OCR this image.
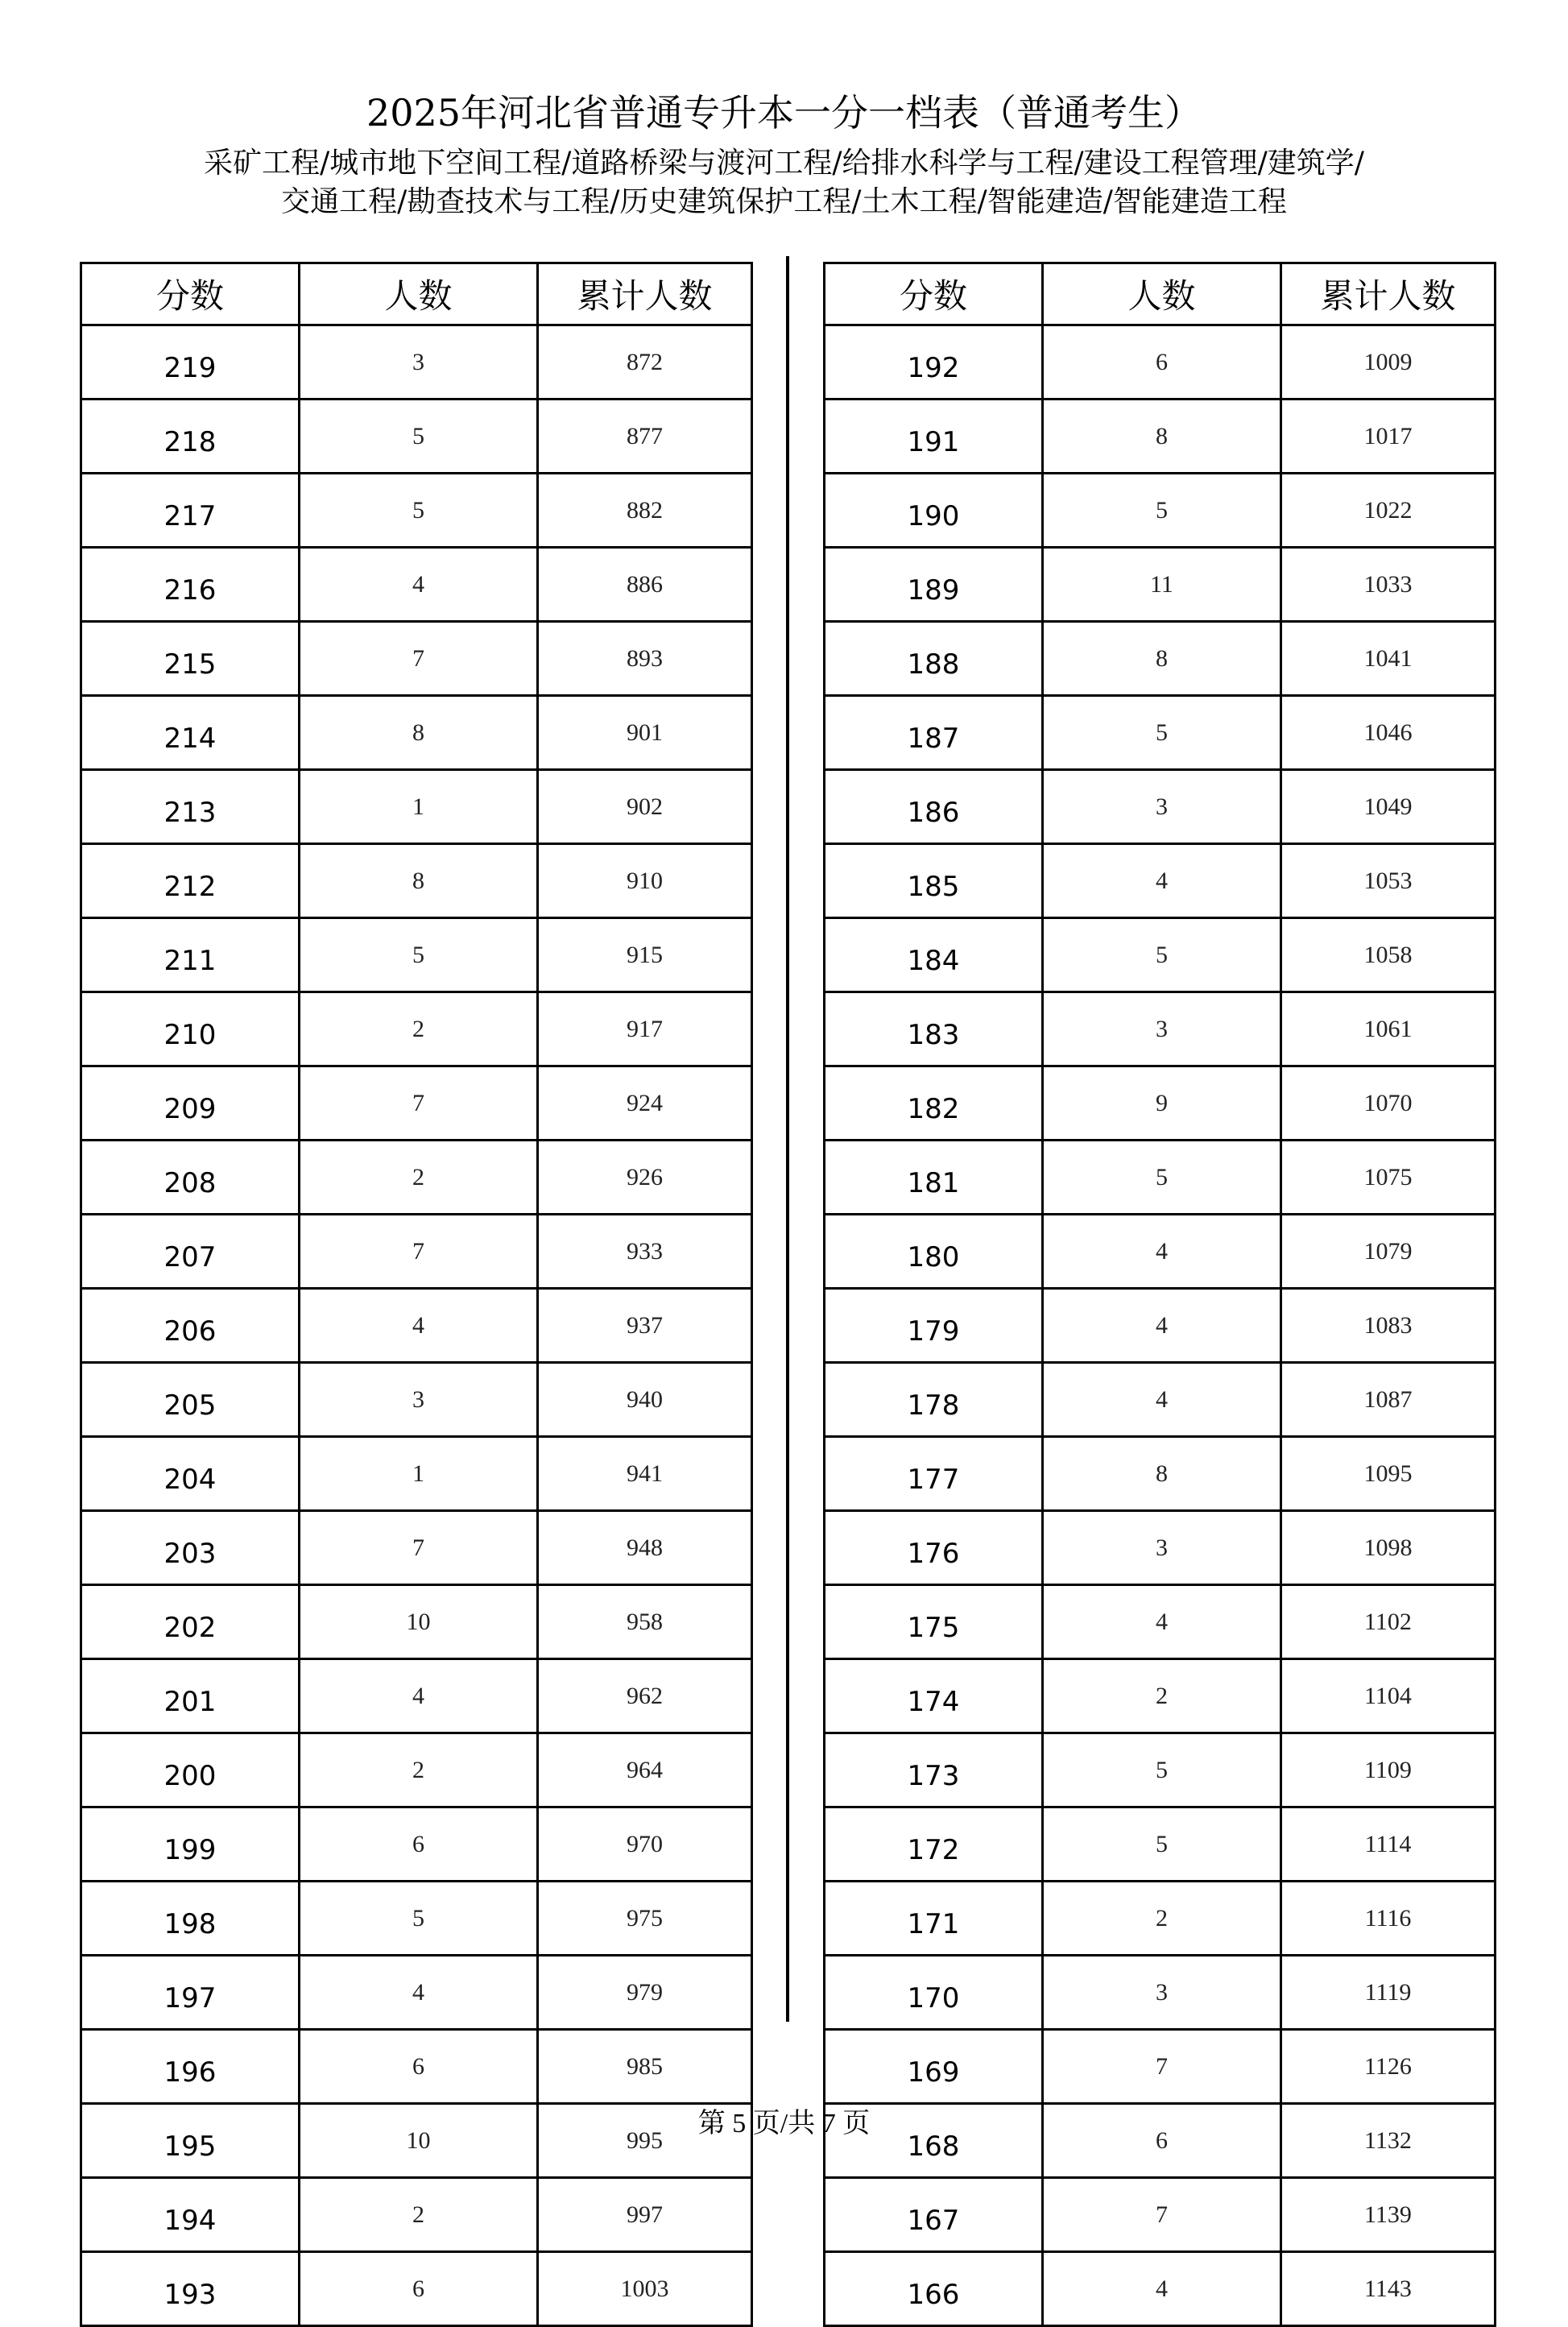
2025年河北省普通专升本一分一档表（普通考生）
采矿工程/城市地下空间工程/道路桥梁与渡河工程/给排水科学与工程/建设工程管理/建筑学/
交通工程/勘查技术与工程/历史建筑保护工程/土木工程/智能建造/智能建造工程
分数	人数	累计人数
219	3	872
218	5	877
217	5	882
216	4	886
215	7	893
214	8	901
213	1	902
212	8	910
211	5	915
210	2	917
209	7	924
208	2	926
207	7	933
206	4	937
205	3	940
204	1	941
203	7	948
202	10	958
201	4	962
200	2	964
199	6	970
198	5	975
197	4	979
196	6	985
195	10	995
194	2	997
193	6	1003
分数	人数	累计人数
192	6	1009
191	8	1017
190	5	1022
189	11	1033
188	8	1041
187	5	1046
186	3	1049
185	4	1053
184	5	1058
183	3	1061
182	9	1070
181	5	1075
180	4	1079
179	4	1083
178	4	1087
177	8	1095
176	3	1098
175	4	1102
174	2	1104
173	5	1109
172	5	1114
171	2	1116
170	3	1119
169	7	1126
168	6	1132
167	7	1139
166	4	1143
第 5 页/共 7 页
